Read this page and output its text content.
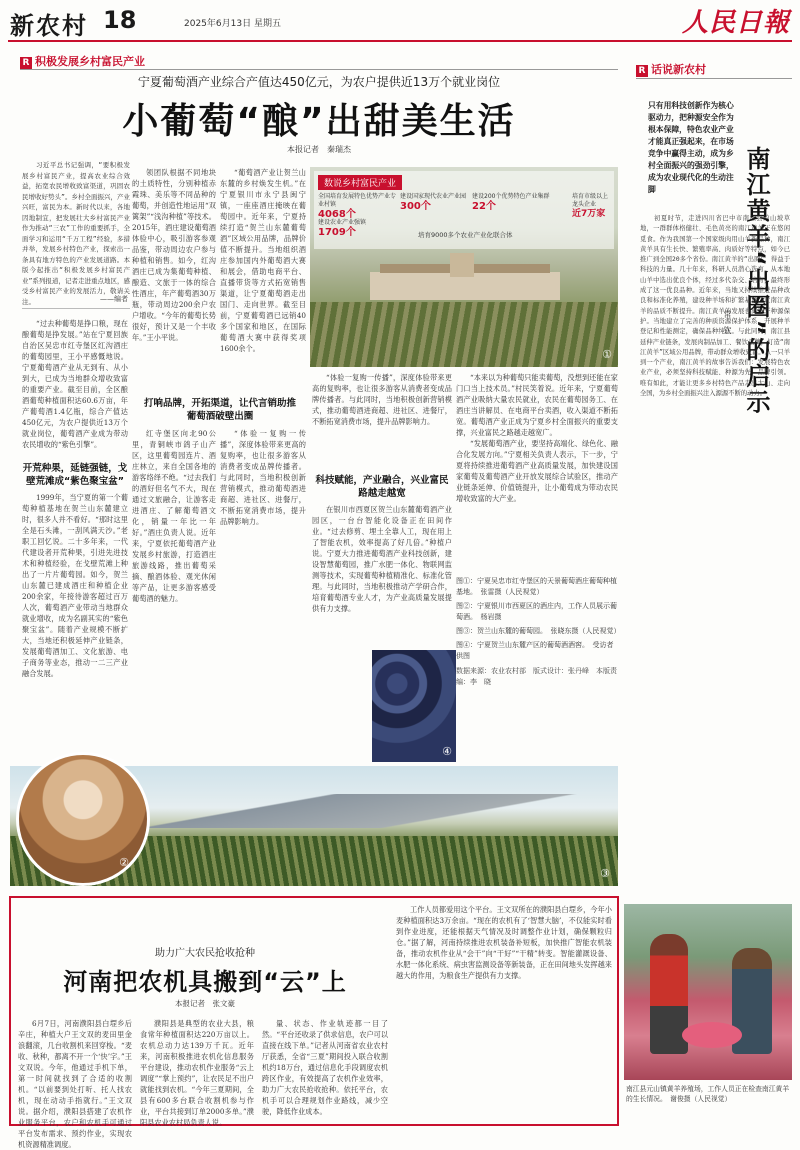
新农村 18	2025年6月13日 星期五	人民日報
R 积极发展乡村富民产业
宁夏葡萄酒产业综合产值达450亿元，为农户提供近13万个就业岗位
小葡萄“酿”出甜美生活
本报记者　秦瑞杰

习近平总书记强调，“要积极发展乡村富民产业，提高农业综合效益，拓宽农民增收致富渠道，巩固农民增收好势头”。乡村全面振兴，产业兴旺，富民为本。新时代以来，各地因地制宜，把发展壮大乡村富民产业作为推动“三农”工作的重要抓手，全面学习和运用“千万工程”经验，多措并举，发展乡村特色产业，探索出一条具有地方特色的产业发展道路。本版今起推出“积极发展乡村富民产业”系列报道，记者走进重点地区，感受乡村富民产业的发展活力，敬请关注。	——编者
数说乡村富民产业
全国培育发展特色优势产业专业村镇
4068个
建设农业产业强镇
1709个
建设国家现代农业产业园
300个
建设200个优势特色产业集群
22个
培育9000多个农业产业化联合体
培育市级以上龙头企业
近7万家
①

“过去种葡萄是挣口粮，现在酿葡萄是挣发展。”站在宁夏回族自治区吴忠市红寺堡区红沟酒庄的葡萄园里，王小平感慨地说。宁夏葡萄酒产业从无到有、从小到大，已成为当地群众增收致富的重要产业。截至目前，全区酿酒葡萄种植面积达60.6万亩，年产葡萄酒1.4亿瓶，综合产值达450亿元，为农户提供近13万个就业岗位，葡萄酒产业成为带动农民增收的“紫色引擎”。

开荒种果，延链强链，戈壁荒滩成“紫色聚宝盆”

1999年，当宁夏的第一个葡萄种植基地在贺兰山东麓建立时，很多人并不看好。“那时这里全是石头滩，一刮风满天沙。”老职工回忆说。二十多年来，一代代建设者开荒种果，引进先进技术和种植经验，在戈壁荒滩上种出了一片片葡萄园。如今，贺兰山东麓已建成酒庄和种植企业200余家，年接待游客超过百万人次，葡萄酒产业带动当地群众就业增收，成为名副其实的“紫色聚宝盆”。随着产业规模不断扩大，当地还积极延伸产业链条，发展葡萄酒加工、文化旅游、电子商务等业态，推动一二三产业融合发展。

领团队根据不同地块的土质特性，分别种植赤霞珠、美乐等不同品种的葡萄，并创造性地运用“双篱架”“浅沟种植”等技术。2015年，酒庄建设葡萄酒体验中心，吸引游客参观品鉴，带动周边农户参与种植和销售。如今，红沟酒庄已成为集葡萄种植、酿造、文旅于一体的综合性酒庄，年产葡萄酒30万瓶，带动周边200余户农户增收。“今年的葡萄长势很好，预计又是一个丰收年。”王小平说。

“葡萄酒产业让贺兰山东麓的乡村焕发生机。”在宁夏银川市永宁县闽宁镇，一座座酒庄掩映在葡萄园中。近年来，宁夏持续打造“贺兰山东麓葡萄酒”区域公用品牌，品牌价值不断提升。当地组织酒庄参加国内外葡萄酒大赛和展会，借助电商平台、直播带货等方式拓宽销售渠道，让宁夏葡萄酒走出国门、走向世界。截至目前，宁夏葡萄酒已远销40多个国家和地区，在国际葡萄酒大赛中获得奖项1600余个。

打响品牌，开拓渠道，让代言销助推葡萄酒破壁出圈

红寺堡区向北90公里，青铜峡市鸽子山产区，这里葡萄园连片、酒庄林立，来自全国各地的游客络绎不绝。“过去我们的酒好但名气不大，现在通过文旅融合，让游客走进酒庄、了解葡萄酒文化，销量一年比一年好。”酒庄负责人说。近年来，宁夏依托葡萄酒产业发展乡村旅游，打造酒庄旅游线路，推出葡萄采摘、酿酒体验、观光休闲等产品，让更多游客感受葡萄酒的魅力。

“体验一复购一传播”，深度体验带来更高的复购率，也让很多游客从消费者变成品牌传播者。与此同时，当地积极创新营销模式，推动葡萄酒进商超、进社区、进餐厅，不断拓宽消费市场，提升品牌影响力。

“体验一复购一传播”，深度体验带来更高的复购率，也让很多游客从消费者变成品牌传播者。与此同时，当地积极创新营销模式，推动葡萄酒进商超、进社区、进餐厅，不断拓宽消费市场，提升品牌影响力。

科技赋能，产业融合，兴业富民路越走越宽

在银川市西夏区贺兰山东麓葡萄酒产业园区，一台台智能化设备正在田间作业。“过去修剪、埋土全靠人工，现在用上了智能农机，效率提高了好几倍。”种植户说。宁夏大力推进葡萄酒产业科技创新，建设智慧葡萄园，推广水肥一体化、物联网监测等技术，实现葡萄种植精准化、标准化管理。与此同时，当地积极推动产学研合作，培育葡萄酒专业人才，为产业高质量发展提供有力支撑。

“本来以为种葡萄只能卖葡萄，没想到还能在家门口当上技术员。”村民笑着说。近年来，宁夏葡萄酒产业吸纳大量农民就业，农民在葡萄园务工、在酒庄当讲解员、在电商平台卖酒，收入渠道不断拓宽。葡萄酒产业正成为宁夏乡村全面振兴的重要支撑，兴业富民之路越走越宽广。

“发展葡萄酒产业，要坚持高端化、绿色化、融合化发展方向。”宁夏相关负责人表示，下一步，宁夏将持续推进葡萄酒产业高质量发展，加快建设国家葡萄及葡萄酒产业开放发展综合试验区，推动产业链条延伸、价值链提升，让小葡萄成为带动农民增收致富的大产业。

图①：宁夏吴忠市红寺堡区的天景葡萄酒庄葡萄种植基地。　张雷摄（人民视觉）
图②：宁夏银川市西夏区的酒庄内，工作人员展示葡萄酒。　杨岩摄
图③：贺兰山东麓的葡萄园。　张晓东摄（人民视觉）
图④：宁夏贺兰山东麓产区的葡萄酒酒窖。　受访者供图
数据来源：农业农村部　版式设计：张丹峰　本版责编：李　晓
③
②
④
R 话说新农村
只有用科技创新作为核心驱动力，把种源安全作为根本保障，特色农业产业才能真正强起来，在市场竞争中赢得主动，成为乡村全面振兴的强劲引擎，成为农业现代化的生动注脚	南江黄羊“出圈”的启示
常　钦

初夏时节，走进四川省巴中市南江县的山坡草地，一群群体格健壮、毛色黄亮的南江黄羊正在悠闲觅食。作为我国第一个国家级肉用山羊新品种，南江黄羊具有生长快、繁殖率高、肉质好等特点，如今已推广到全国20多个省份。南江黄羊的“出圈”，得益于科技的力量。几十年来，科研人员潜心选育，从本地山羊中选出优良个体，经过多代杂交、培育，最终形成了这一优良品种。近年来，当地又持续推进品种改良和标准化养殖，建设种羊场和扩繁基地，让南江黄羊的品质不断提升。南江黄羊的发展也离不开种源保护。当地建立了完善的种质资源保护体系，开展种羊登记和性能测定，确保品种纯正。与此同时，南江县延伸产业链条，发展肉制品加工、餐饮品牌，打造“南江黄羊”区域公用品牌，带动群众增收致富。从一只羊到一个产业，南江黄羊的故事告诉我们：发展特色农业产业，必须坚持科技赋能、种源为先、品牌引领。唯有如此，才能让更多乡村特色产品走出大山、走向全国，为乡村全面振兴注入源源不断的动力。

助力广大农民抢收抢种
河南把农机具搬到“云”上
本报记者　张文豪

6月7日，河南濮阳县白堽乡后辛庄，种植大户王文双的麦田里金浪翻滚，几台收割机来回穿梭。“麦收、秋种，都离不开一个‘快’字。”王文双说。今年，他通过手机下单，第一时间就找到了合适的收割机。“以前要到处打听、托人找农机，现在动动手指就行。”王文双说。据介绍，濮阳县搭建了农机作业服务平台，农户和农机手可通过平台发布需求、预约作业，实现农机资源精准调度。

濮阳县是典型的农业大县，粮食常年种植面积达220万亩以上。农机总动力达139万千瓦。近年来，河南积极推进农机化信息服务平台建设，推动农机作业服务“云上调度”“掌上预约”，让农民足不出户就能找到农机。“今年三夏期间，全县有600多台联合收割机参与作业，平台共接到订单2000多单。”濮阳县农业农村局负责人说。

量、状态、作业轨迹都一目了然。“平台还收录了供求信息，农户可以直接在线下单。”记者从河南省农业农村厅获悉，全省“三夏”期间投入联合收割机约18万台，通过信息化手段调度农机跨区作业，有效提高了农机作业效率，助力广大农民抢收抢种。依托平台，农机手可以合理规划作业路线，减少空驶，降低作业成本。

工作人员都爱用这个平台。王文双所在的濮阳县白堽乡，今年小麦种植面积达3万余亩。“现在的农机有了‘智慧大脑’，不仅能实时看到作业进度，还能根据天气情况及时调整作业计划，确保颗粒归仓。”据了解，河南持续推进农机装备补短板，加快推广智能农机装备，推动农机作业从“会干”向“干好”“干精”转变。智能灌溉设备、水肥一体化系统、病虫害监测设备等新装备，正在田间地头发挥越来越大的作用，为粮食生产提供有力支撑。

南江县元山镇黄羊养殖场，工作人员正在检查南江黄羊的生长情况。　谢俊摄（人民视觉）
